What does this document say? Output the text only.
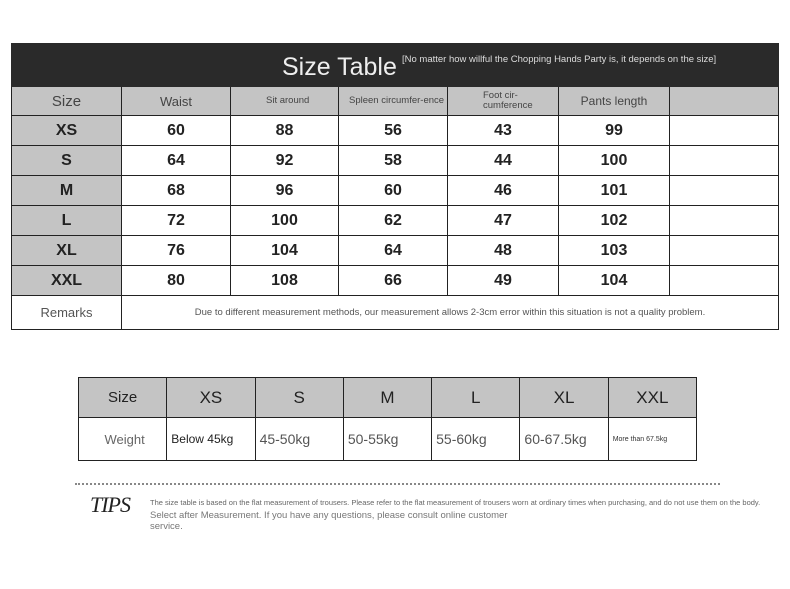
Size Table [No matter how willful the Chopping Hands Party is, it depends on the size]						

Size	Waist	Sit around	Spleen circumfer-ence	Foot cir-cumference	Pants length	
XS	60	88	56	43	99	
S	64	92	58	44	100	
M	68	96	60	46	101	
L	72	100	62	47	102	
XL	76	104	64	48	103	
XXL	80	108	66	49	104	
Remarks	Due to different measurement methods, our measurement allows 2-3cm error within this situation is not a quality problem.					
Size	XS	S	M	L	XL	XXL
Weight	Below 45kg	45-50kg	50-55kg	55-60kg	60-67.5kg	More than 67.5kg
TIPS	The size table is based on the flat measurement of trousers. Please refer to the flat measurement of trousers worn at ordinary times when purchasing, and do not use them on the body.
Select after Measurement. If you have any questions, please consult online customer service.
